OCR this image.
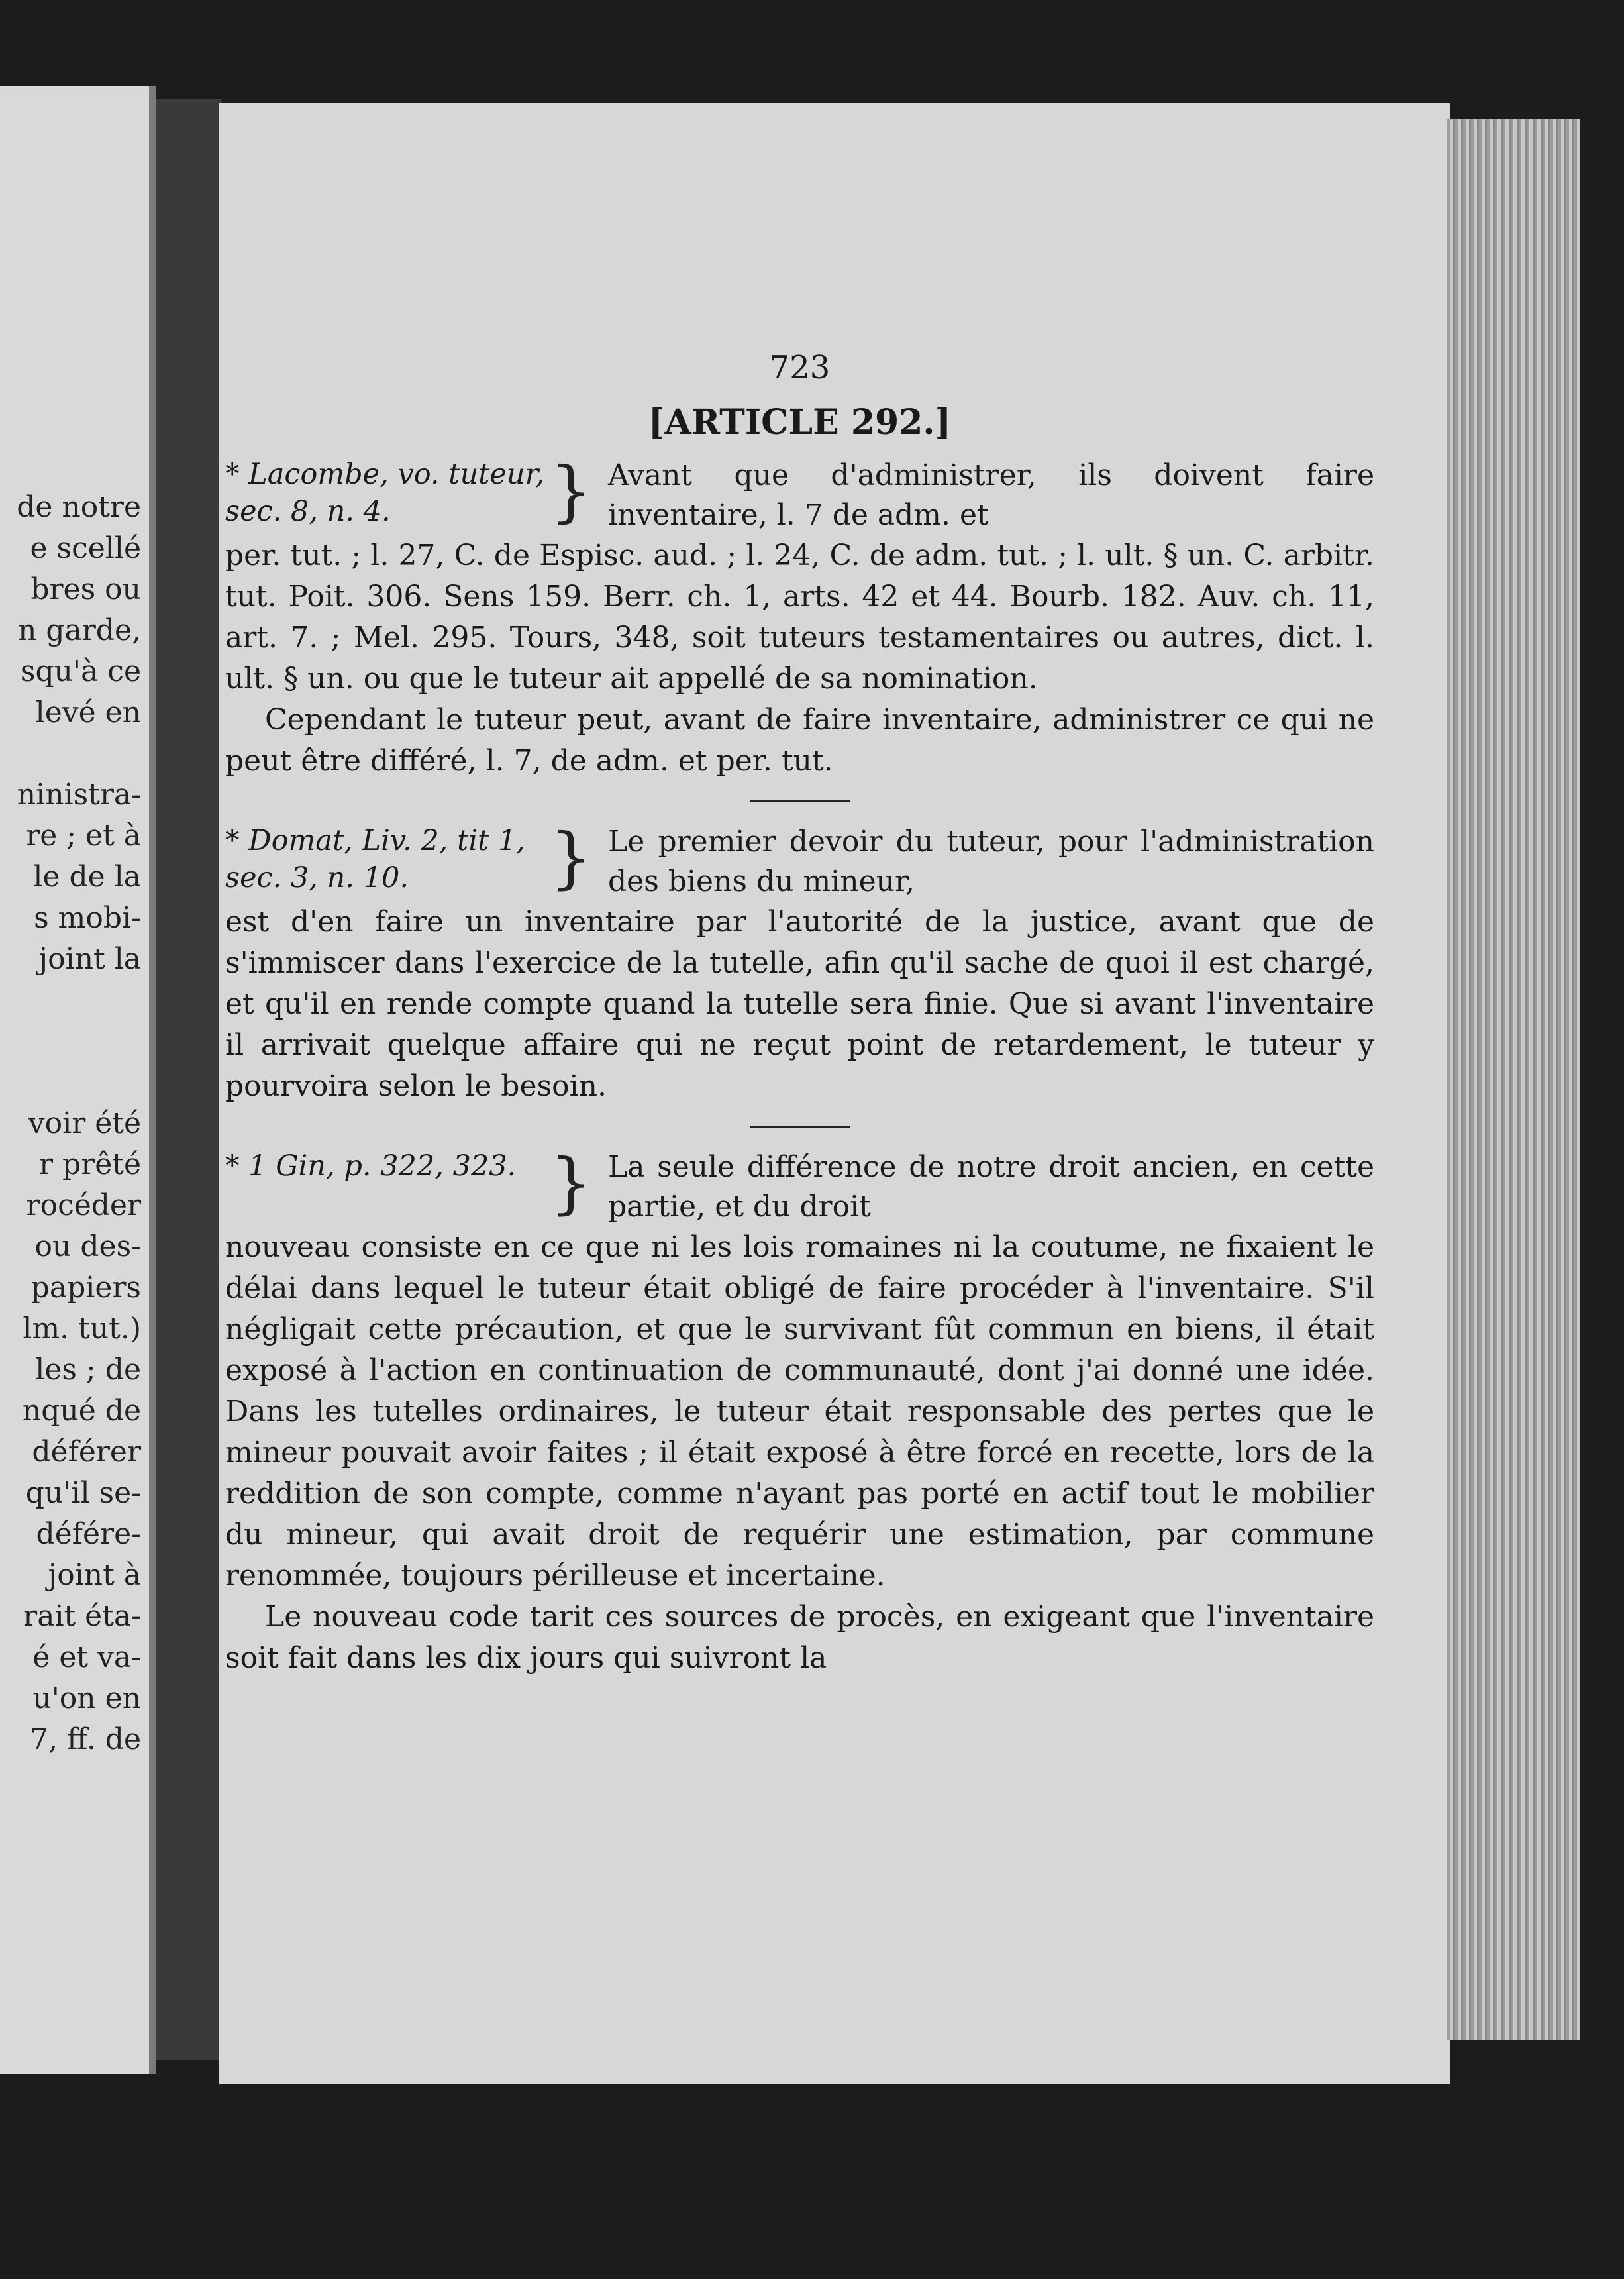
de notre
e scellé
bres ou
n garde,
squ'à ce
levé en
ninistra-
re ; et à
le de la
s mobi-
joint la
voir été
r prêté
rocéder
ou des-
papiers
lm. tut.)
les ; de
nqué de
déférer
qu'il se-
défére-
joint à
rait éta-
é et va-
u'on en
7, ff. de
723
[ARTICLE 292.]
* Lacombe, vo. tuteur, sec. 8, n. 4. } Avant que d'administrer, ils doivent faire inventaire, l. 7 de adm. et

per. tut. ; l. 27, C. de Espisc. aud. ; l. 24, C. de adm. tut. ; l. ult. § un. C. arbitr. tut. Poit. 306. Sens 159. Berr. ch. 1, arts. 42 et 44. Bourb. 182. Auv. ch. 11, art. 7. ; Mel. 295. Tours, 348, soit tuteurs testamentaires ou autres, dict. l. ult. § un. ou que le tuteur ait appellé de sa nomination.

Cependant le tuteur peut, avant de faire inventaire, administrer ce qui ne peut être différé, l. 7, de adm. et per. tut.

* Domat, Liv. 2, tit 1, sec. 3, n. 10. } Le premier devoir du tuteur, pour l'administration des biens du mineur,

est d'en faire un inventaire par l'autorité de la justice, avant que de s'immiscer dans l'exercice de la tutelle, afin qu'il sache de quoi il est chargé, et qu'il en rende compte quand la tutelle sera finie. Que si avant l'inventaire il arrivait quelque affaire qui ne reçut point de retardement, le tuteur y pourvoira selon le besoin.

* 1 Gin, p. 322, 323. } La seule différence de notre droit ancien, en cette partie, et du droit

nouveau consiste en ce que ni les lois romaines ni la coutume, ne fixaient le délai dans lequel le tuteur était obligé de faire procéder à l'inventaire. S'il négligait cette précaution, et que le survivant fût commun en biens, il était exposé à l'action en continuation de communauté, dont j'ai donné une idée. Dans les tutelles ordinaires, le tuteur était responsable des pertes que le mineur pouvait avoir faites ; il était exposé à être forcé en recette, lors de la reddition de son compte, comme n'ayant pas porté en actif tout le mobilier du mineur, qui avait droit de requérir une estimation, par commune renommée, toujours périlleuse et incertaine.

Le nouveau code tarit ces sources de procès, en exigeant que l'inventaire soit fait dans les dix jours qui suivront la
